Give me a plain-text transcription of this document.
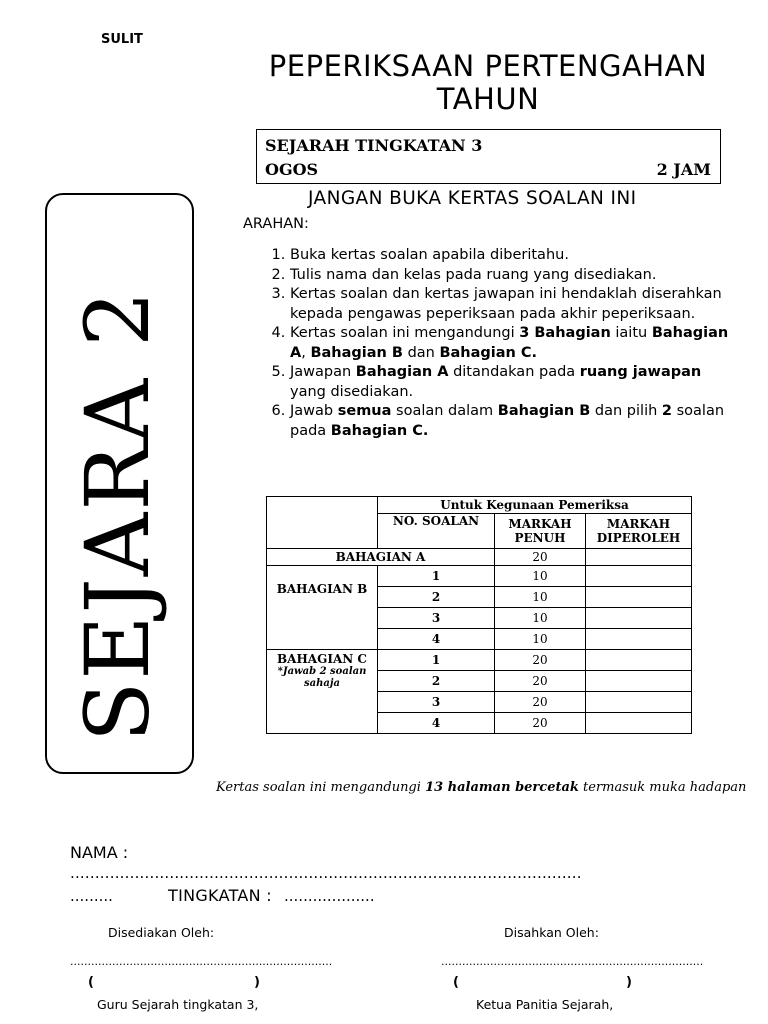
SULIT
PEPERIKSAAN PERTENGAHAN
TAHUN
SEJARAH TINGKATAN 3
OGOS	2 JAM
SEJARA 2
JANGAN BUKA KERTAS SOALAN INI
ARAHAN:
1. Buka kertas soalan apabila diberitahu.
2. Tulis nama dan kelas pada ruang yang disediakan.
3. Kertas soalan dan kertas jawapan ini hendaklah diserahkan kepada pengawas peperiksaan pada akhir peperiksaan.
4. Kertas soalan ini mengandungi 3 Bahagian iaitu Bahagian A, Bahagian B dan Bahagian C.
5. Jawapan Bahagian A ditandakan pada ruang jawapan yang disediakan.
6. Jawab semua soalan dalam Bahagian B dan pilih 2 soalan pada Bahagian C.
	Untuk Kegunaan Pemeriksa		
	NO. SOALAN	MARKAH PENUH	MARKAH DIPEROLEH
BAHAGIAN A		20	
BAHAGIAN B	1	10	
	2	10	
	3	10	
	4	10	
BAHAGIAN C
*Jawab 2 soalan sahaja	1	20	
	2	20	
	3	20	
	4	20	
Kertas soalan ini mengandungi 13 halaman bercetak termasuk muka hadapan
NAMA :
.......................................................................................................
.........	TINGKATAN : ...................
Disediakan Oleh:	Disahkan Oleh:
...........................................................................	...........................................................................
(	)	(	)
Guru Sejarah tingkatan 3,	Ketua Panitia Sejarah,
